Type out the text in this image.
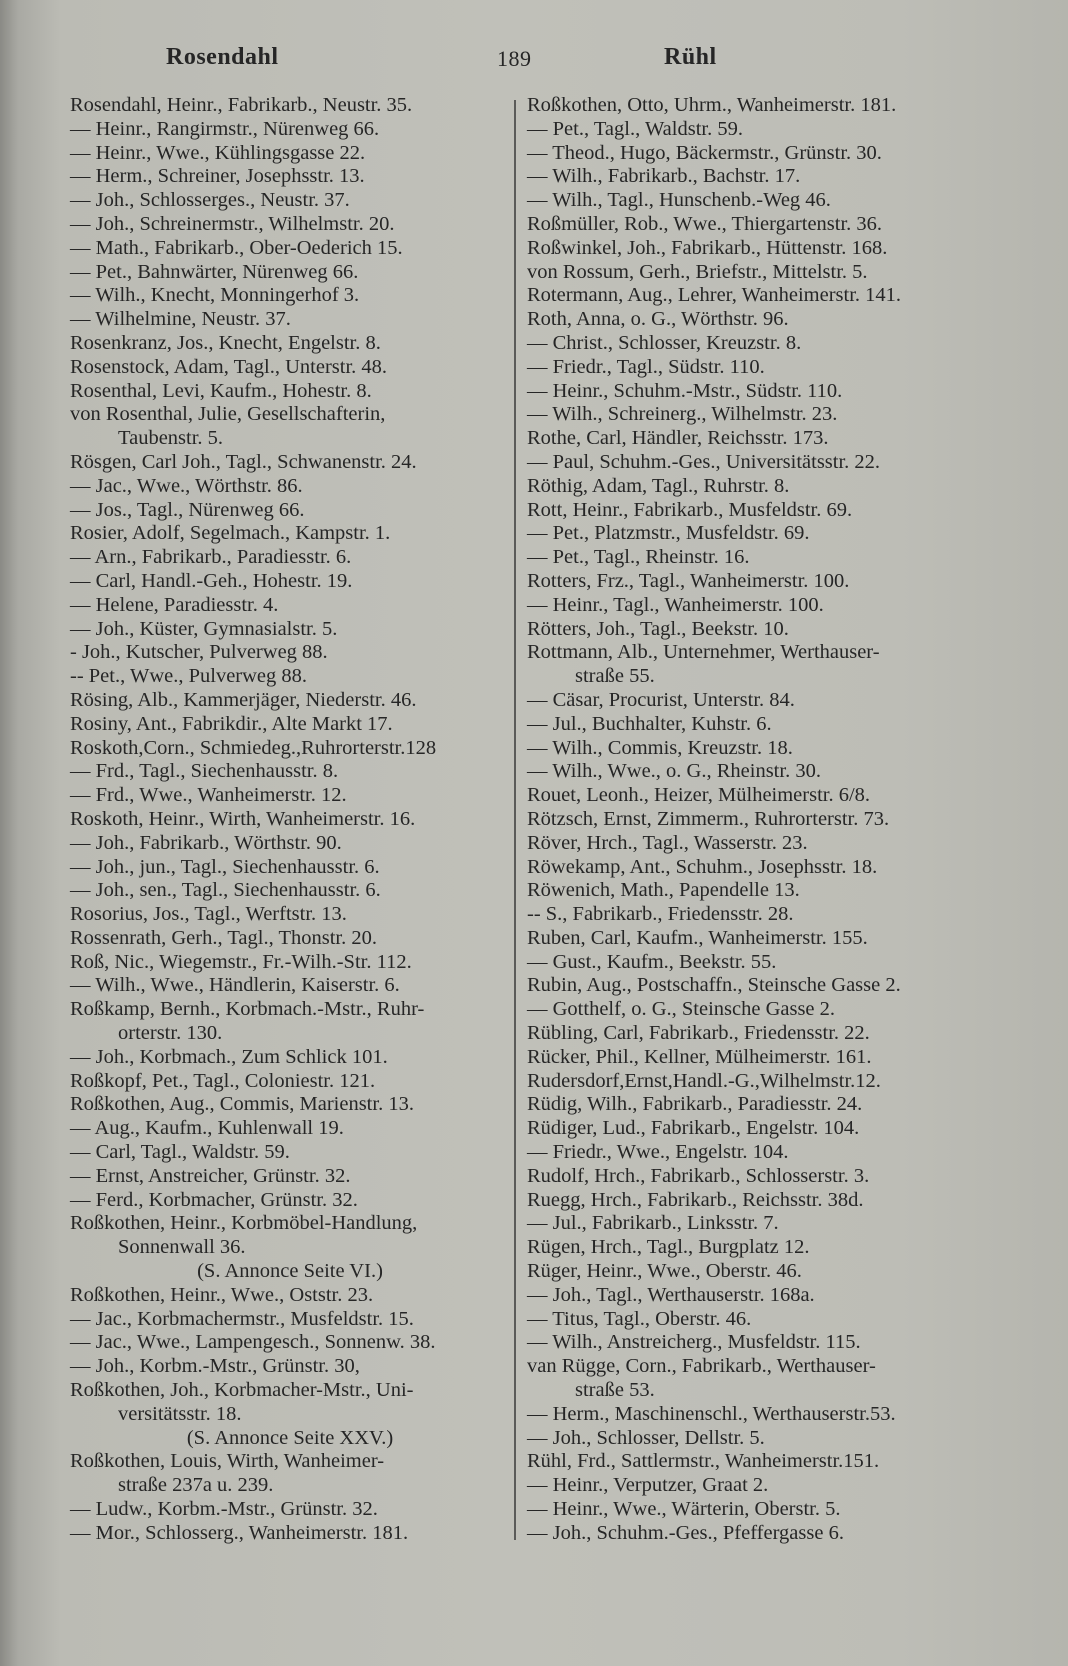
Rosendahl	189	Rühl
Rosendahl, Heinr., Fabrikarb., Neustr. 35.
— Heinr., Rangirmstr., Nürenweg 66.
— Heinr., Wwe., Kühlingsgasse 22.
— Herm., Schreiner, Josephsstr. 13.
— Joh., Schlosserges., Neustr. 37.
— Joh., Schreinermstr., Wilhelmstr. 20.
— Math., Fabrikarb., Ober-Oederich 15.
— Pet., Bahnwärter, Nürenweg 66.
— Wilh., Knecht, Monningerhof 3.
— Wilhelmine, Neustr. 37.
Rosenkranz, Jos., Knecht, Engelstr. 8.
Rosenstock, Adam, Tagl., Unterstr. 48.
Rosenthal, Levi, Kaufm., Hohestr. 8.
von Rosenthal, Julie, Gesellschafterin,
Taubenstr. 5.
Rösgen, Carl Joh., Tagl., Schwanenstr. 24.
— Jac., Wwe., Wörthstr. 86.
— Jos., Tagl., Nürenweg 66.
Rosier, Adolf, Segelmach., Kampstr. 1.
— Arn., Fabrikarb., Paradiesstr. 6.
— Carl, Handl.-Geh., Hohestr. 19.
— Helene, Paradiesstr. 4.
— Joh., Küster, Gymnasialstr. 5.
- Joh., Kutscher, Pulverweg 88.
-- Pet., Wwe., Pulverweg 88.
Rösing, Alb., Kammerjäger, Niederstr. 46.
Rosiny, Ant., Fabrikdir., Alte Markt 17.
Roskoth,Corn., Schmiedeg.,Ruhrorterstr.128
— Frd., Tagl., Siechenhausstr. 8.
— Frd., Wwe., Wanheimerstr. 12.
Roskoth, Heinr., Wirth, Wanheimerstr. 16.
— Joh., Fabrikarb., Wörthstr. 90.
— Joh., jun., Tagl., Siechenhausstr. 6.
— Joh., sen., Tagl., Siechenhausstr. 6.
Rosorius, Jos., Tagl., Werftstr. 13.
Rossenrath, Gerh., Tagl., Thonstr. 20.
Roß, Nic., Wiegemstr., Fr.-Wilh.-Str. 112.
— Wilh., Wwe., Händlerin, Kaiserstr. 6.
Roßkamp, Bernh., Korbmach.-Mstr., Ruhr-
orterstr. 130.
— Joh., Korbmach., Zum Schlick 101.
Roßkopf, Pet., Tagl., Coloniestr. 121.
Roßkothen, Aug., Commis, Marienstr. 13.
— Aug., Kaufm., Kuhlenwall 19.
— Carl, Tagl., Waldstr. 59.
— Ernst, Anstreicher, Grünstr. 32.
— Ferd., Korbmacher, Grünstr. 32.
Roßkothen, Heinr., Korbmöbel-Handlung,
Sonnenwall 36.
(S. Annonce Seite VI.)
Roßkothen, Heinr., Wwe., Oststr. 23.
— Jac., Korbmachermstr., Musfeldstr. 15.
— Jac., Wwe., Lampengesch., Sonnenw. 38.
— Joh., Korbm.-Mstr., Grünstr. 30,
Roßkothen, Joh., Korbmacher-Mstr., Uni-
versitätsstr. 18.
(S. Annonce Seite XXV.)
Roßkothen, Louis, Wirth, Wanheimer-
straße 237a u. 239.
— Ludw., Korbm.-Mstr., Grünstr. 32.
— Mor., Schlosserg., Wanheimerstr. 181.
Roßkothen, Otto, Uhrm., Wanheimerstr. 181.
— Pet., Tagl., Waldstr. 59.
— Theod., Hugo, Bäckermstr., Grünstr. 30.
— Wilh., Fabrikarb., Bachstr. 17.
— Wilh., Tagl., Hunschenb.-Weg 46.
Roßmüller, Rob., Wwe., Thiergartenstr. 36.
Roßwinkel, Joh., Fabrikarb., Hüttenstr. 168.
von Rossum, Gerh., Briefstr., Mittelstr. 5.
Rotermann, Aug., Lehrer, Wanheimerstr. 141.
Roth, Anna, o. G., Wörthstr. 96.
— Christ., Schlosser, Kreuzstr. 8.
— Friedr., Tagl., Südstr. 110.
— Heinr., Schuhm.-Mstr., Südstr. 110.
— Wilh., Schreinerg., Wilhelmstr. 23.
Rothe, Carl, Händler, Reichsstr. 173.
— Paul, Schuhm.-Ges., Universitätsstr. 22.
Röthig, Adam, Tagl., Ruhrstr. 8.
Rott, Heinr., Fabrikarb., Musfeldstr. 69.
— Pet., Platzmstr., Musfeldstr. 69.
— Pet., Tagl., Rheinstr. 16.
Rotters, Frz., Tagl., Wanheimerstr. 100.
— Heinr., Tagl., Wanheimerstr. 100.
Rötters, Joh., Tagl., Beekstr. 10.
Rottmann, Alb., Unternehmer, Werthauser-
straße 55.
— Cäsar, Procurist, Unterstr. 84.
— Jul., Buchhalter, Kuhstr. 6.
— Wilh., Commis, Kreuzstr. 18.
— Wilh., Wwe., o. G., Rheinstr. 30.
Rouet, Leonh., Heizer, Mülheimerstr. 6/8.
Rötzsch, Ernst, Zimmerm., Ruhrorterstr. 73.
Röver, Hrch., Tagl., Wasserstr. 23.
Röwekamp, Ant., Schuhm., Josephsstr. 18.
Röwenich, Math., Papendelle 13.
-- S., Fabrikarb., Friedensstr. 28.
Ruben, Carl, Kaufm., Wanheimerstr. 155.
— Gust., Kaufm., Beekstr. 55.
Rubin, Aug., Postschaffn., Steinsche Gasse 2.
— Gotthelf, o. G., Steinsche Gasse 2.
Rübling, Carl, Fabrikarb., Friedensstr. 22.
Rücker, Phil., Kellner, Mülheimerstr. 161.
Rudersdorf,Ernst,Handl.-G.,Wilhelmstr.12.
Rüdig, Wilh., Fabrikarb., Paradiesstr. 24.
Rüdiger, Lud., Fabrikarb., Engelstr. 104.
— Friedr., Wwe., Engelstr. 104.
Rudolf, Hrch., Fabrikarb., Schlosserstr. 3.
Ruegg, Hrch., Fabrikarb., Reichsstr. 38d.
— Jul., Fabrikarb., Linksstr. 7.
Rügen, Hrch., Tagl., Burgplatz 12.
Rüger, Heinr., Wwe., Oberstr. 46.
— Joh., Tagl., Werthauserstr. 168a.
— Titus, Tagl., Oberstr. 46.
— Wilh., Anstreicherg., Musfeldstr. 115.
van Rügge, Corn., Fabrikarb., Werthauser-
straße 53.
— Herm., Maschinenschl., Werthauserstr.53.
— Joh., Schlosser, Dellstr. 5.
Rühl, Frd., Sattlermstr., Wanheimerstr.151.
— Heinr., Verputzer, Graat 2.
— Heinr., Wwe., Wärterin, Oberstr. 5.
— Joh., Schuhm.-Ges., Pfeffergasse 6.
